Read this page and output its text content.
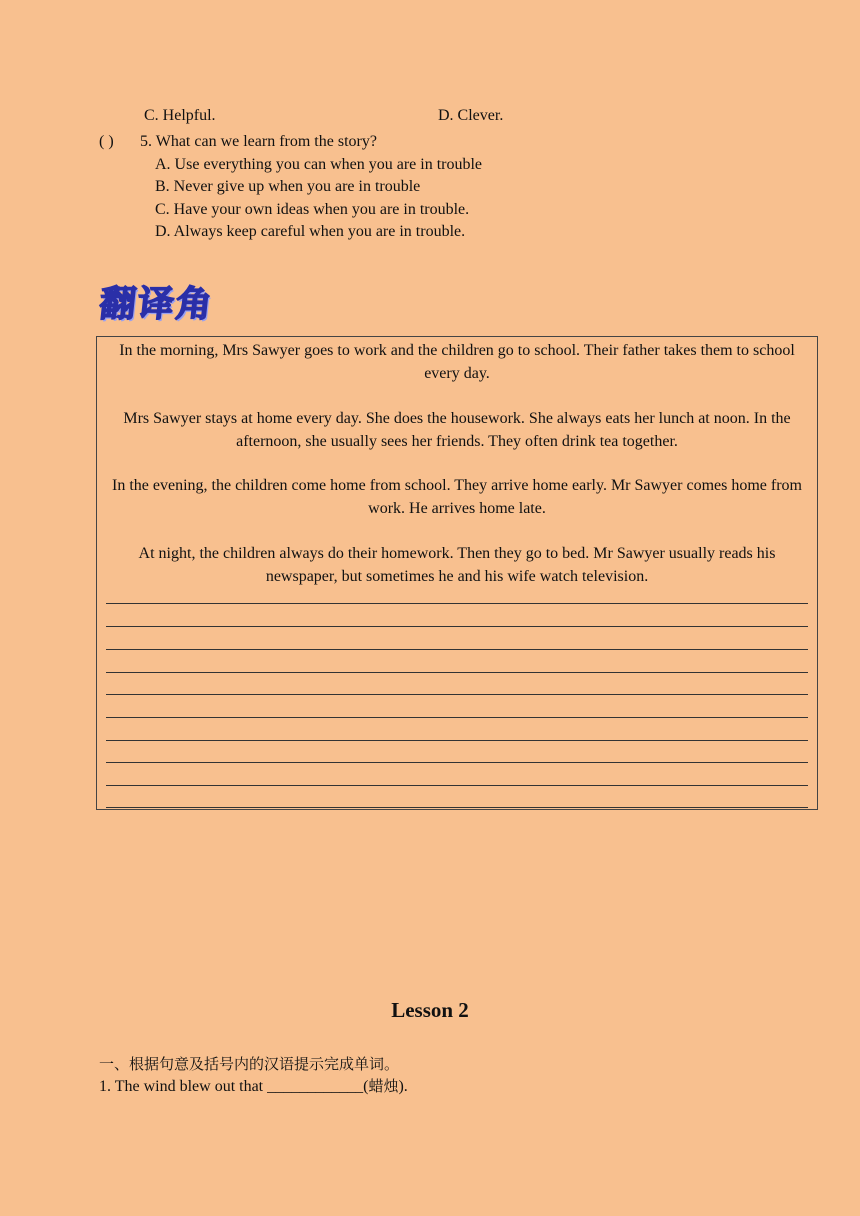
C. Helpful.	D. Clever.
( ) 5. What can we learn from the story?
A. Use everything you can when you are in trouble
B. Never give up when you are in trouble
C. Have your own ideas when you are in trouble.
D. Always keep careful when you are in trouble.
翻译角
In the morning, Mrs Sawyer goes to work and the children go to school. Their father takes them to school every day.
Mrs Sawyer stays at home every day. She does the housework. She always eats her lunch at noon. In the afternoon, she usually sees her friends. They often drink tea together.
In the evening, the children come home from school. They arrive home early. Mr Sawyer comes home from work. He arrives home late.
At night, the children always do their homework. Then they go to bed. Mr Sawyer usually reads his newspaper, but sometimes he and his wife watch television.
Lesson 2
一、根据句意及括号内的汉语提示完成单词。
1. The wind blew out that ____________(蜡烛).
